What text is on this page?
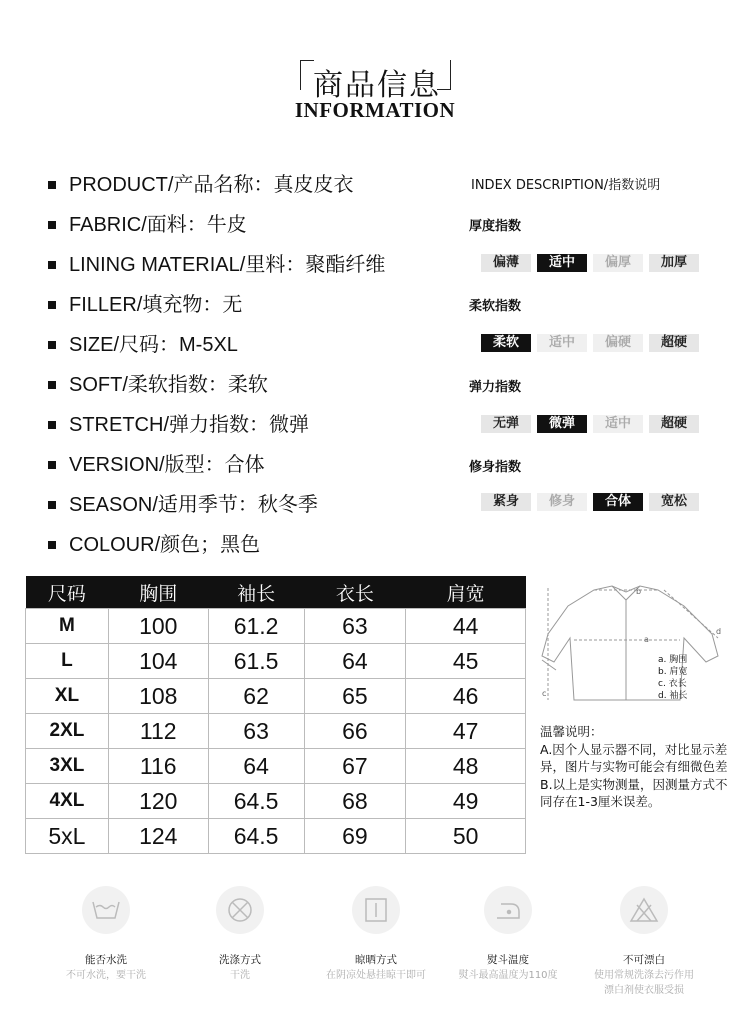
商品信息
INFORMATION
PRODUCT/产品名称：真皮皮衣
FABRIC/面料：牛皮
LINING MATERIAL/里料：聚酯纤维
FILLER/填充物：无
SIZE/尺码：M-5XL
SOFT/柔软指数：柔软
STRETCH/弹力指数：微弹
VERSION/版型：合体
SEASON/适用季节：秋冬季
COLOUR/颜色；黑色
INDEX DESCRIPTION/指数说明
厚度指数
偏薄	适中	偏厚	加厚
柔软指数
柔软	适中	偏硬	超硬
弹力指数
无弹	微弹	适中	超硬
修身指数
紧身	修身	合体	宽松
尺码	胸围	袖长	衣长	肩宽
M	100	61.2	63	44
L	104	61.5	64	45
XL	108	62	65	46
2XL	112	63	66	47
3XL	116	64	67	48
4XL	120	64.5	68	49
5xL	124	64.5	69	50
a
b
c
d
a. 胸围
b. 肩宽
c. 衣长
d. 袖长
温馨说明：
A.因个人显示器不同，对比显示差异，图片与实物可能会有细微色差
B.以上是实物测量，因测量方式不同存在1-3厘米误差。
能否水洗
不可水洗，要干洗
洗涤方式
干洗
晾晒方式
在阴凉处悬挂晾干即可
熨斗温度
熨斗最高温度为110度
不可漂白
使用常规洗涤去污作用
漂白剂使衣服受损
